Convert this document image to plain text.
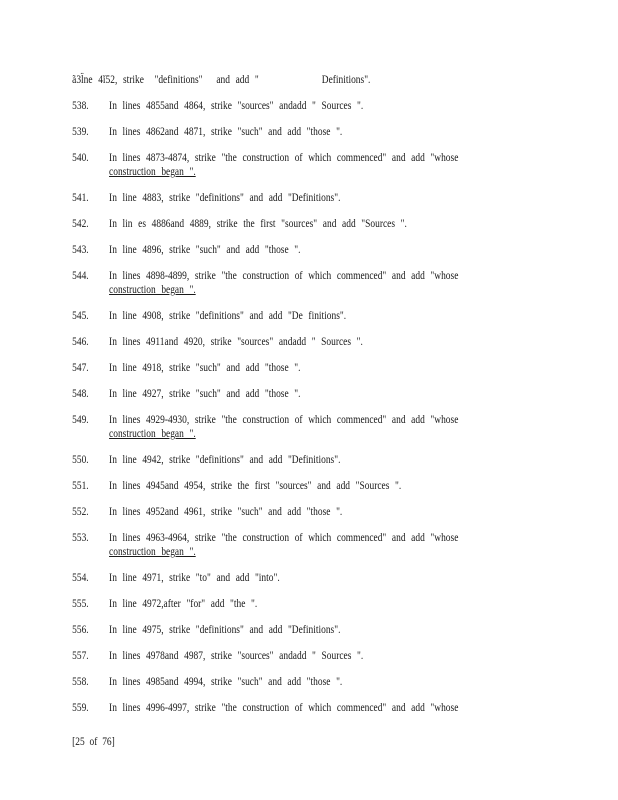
ã3l̈ne 4ǐ52, strike "definitions" and add "	Definitions".
538. In lines 4855and 4864, strike "sources" andadd " Sources ".
539. In lines 4862and 4871, strike "such" and add "those ".
540. In lines 4873-4874, strike "the construction of which commenced" and add "whose
construction began ".
541. In line 4883, strike "definitions" and add "Definitions".
542. In lin es 4886and 4889, strike the first "sources" and add "Sources ".
543. In line 4896, strike "such" and add "those ".
544. In lines 4898-4899, strike "the construction of which commenced" and add "whose
construction began ".
545. In line 4908, strike "definitions" and add "De finitions".
546. In lines 4911and 4920, strike "sources" andadd " Sources ".
547. In line 4918, strike "such" and add "those ".
548. In line 4927, strike "such" and add "those ".
549. In lines 4929-4930, strike "the construction of which commenced" and add "whose
construction began ".
550. In line 4942, strike "definitions" and add "Definitions".
551. In lines 4945and 4954, strike the first "sources" and add "Sources ".
552. In lines 4952and 4961, strike "such" and add "those ".
553. In lines 4963-4964, strike "the construction of which commenced" and add "whose
construction began ".
554. In line 4971, strike "to" and add "into".
555. In line 4972,after "for" add "the ".
556. In line 4975, strike "definitions" and add "Definitions".
557. In lines 4978and 4987, strike "sources" andadd " Sources ".
558. In lines 4985and 4994, strike "such" and add "those ".
559. In lines 4996-4997, strike "the construction of which commenced" and add "whose
[25 of 76]
